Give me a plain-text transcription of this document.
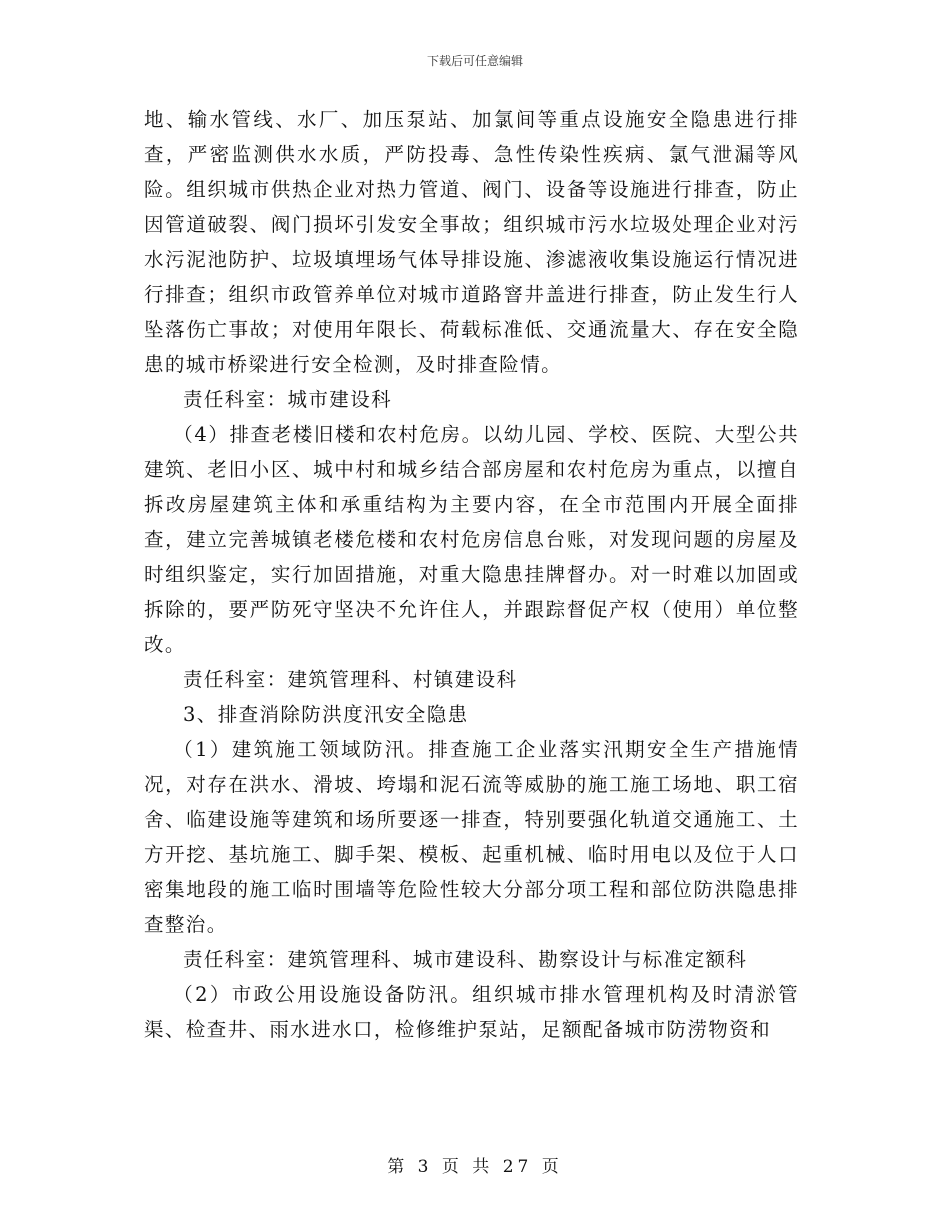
下载后可任意编辑

地、输水管线、水厂、加压泵站、加氯间等重点设施安全隐患进行排查，严密监测供水水质，严防投毒、急性传染性疾病、氯气泄漏等风险。组织城市供热企业对热力管道、阀门、设备等设施进行排查，防止因管道破裂、阀门损坏引发安全事故；组织城市污水垃圾处理企业对污水污泥池防护、垃圾填埋场气体导排设施、渗滤液收集设施运行情况进行排查；组织市政管养单位对城市道路窨井盖进行排查，防止发生行人坠落伤亡事故；对使用年限长、荷载标准低、交通流量大、存在安全隐患的城市桥梁进行安全检测，及时排查险情。

责任科室：城市建设科

（4）排查老楼旧楼和农村危房。以幼儿园、学校、医院、大型公共建筑、老旧小区、城中村和城乡结合部房屋和农村危房为重点，以擅自拆改房屋建筑主体和承重结构为主要内容，在全市范围内开展全面排查，建立完善城镇老楼危楼和农村危房信息台账，对发现问题的房屋及时组织鉴定，实行加固措施，对重大隐患挂牌督办。对一时难以加固或拆除的，要严防死守坚决不允许住人，并跟踪督促产权（使用）单位整改。

责任科室：建筑管理科、村镇建设科

3、排查消除防洪度汛安全隐患

（1）建筑施工领域防汛。排查施工企业落实汛期安全生产措施情况，对存在洪水、滑坡、垮塌和泥石流等威胁的施工施工场地、职工宿舍、临建设施等建筑和场所要逐一排查，特别要强化轨道交通施工、土方开挖、基坑施工、脚手架、模板、起重机械、临时用电以及位于人口密集地段的施工临时围墙等危险性较大分部分项工程和部位防洪隐患排查整治。

责任科室：建筑管理科、城市建设科、勘察设计与标准定额科

（2）市政公用设施设备防汛。组织城市排水管理机构及时清淤管渠、检查井、雨水进水口，检修维护泵站，足额配备城市防涝物资和

第 3 页 共 27 页
